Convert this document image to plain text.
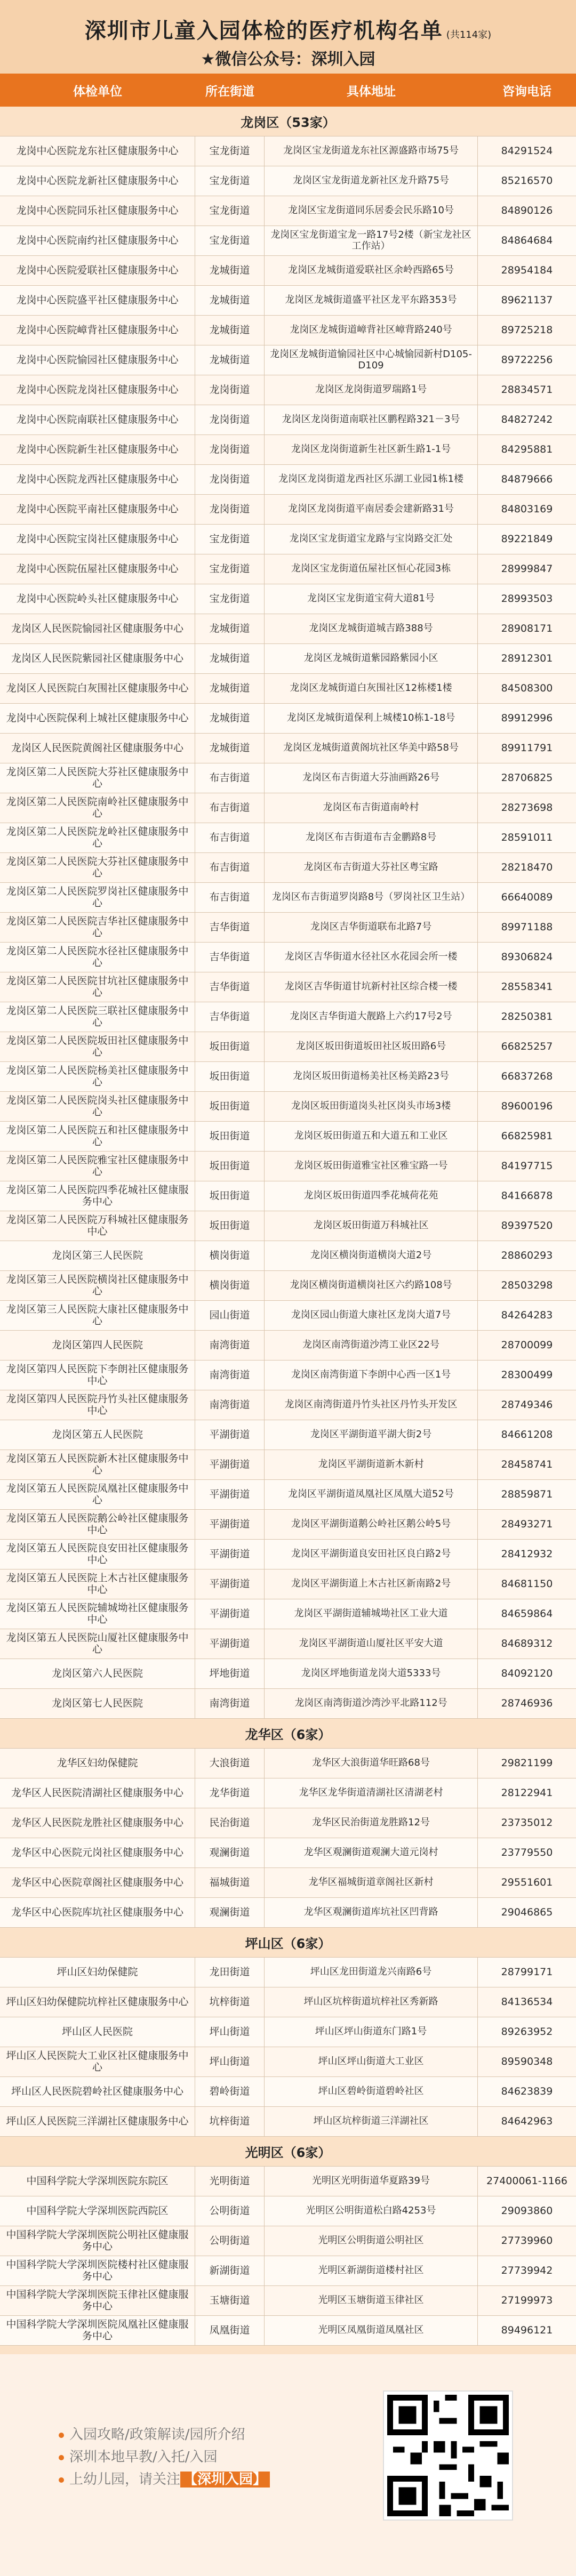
深圳市儿童入园体检的医疗机构名单 (共114家)
★微信公众号：深圳入园
体检单位	所在街道	具体地址	咨询电话
龙岗区（53家）
龙岗中心医院龙东社区健康服务中心	宝龙街道	龙岗区宝龙街道龙东社区源盛路市场75号	84291524
龙岗中心医院龙新社区健康服务中心	宝龙街道	龙岗区宝龙街道龙新社区龙升路75号	85216570
龙岗中心医院同乐社区健康服务中心	宝龙街道	龙岗区宝龙街道同乐居委会民乐路10号	84890126
龙岗中心医院南约社区健康服务中心	宝龙街道	龙岗区宝龙街道宝龙一路17号2楼（新宝龙社区工作站）	84864684
龙岗中心医院爱联社区健康服务中心	龙城街道	龙岗区龙城街道爱联社区余岭西路65号	28954184
龙岗中心医院盛平社区健康服务中心	龙城街道	龙岗区龙城街道盛平社区龙平东路353号	89621137
龙岗中心医院嶂背社区健康服务中心	龙城街道	龙岗区龙城街道嶂背社区嶂背路240号	89725218
龙岗中心医院愉园社区健康服务中心	龙城街道	龙岗区龙城街道愉园社区中心城愉园新村D105-D109	89722256
龙岗中心医院龙岗社区健康服务中心	龙岗街道	龙岗区龙岗街道罗瑞路1号	28834571
龙岗中心医院南联社区健康服务中心	龙岗街道	龙岗区龙岗街道南联社区鹏程路321－3号	84827242
龙岗中心医院新生社区健康服务中心	龙岗街道	龙岗区龙岗街道新生社区新生路1-1号	84295881
龙岗中心医院龙西社区健康服务中心	龙岗街道	龙岗区龙岗街道龙西社区乐湖工业园1栋1楼	84879666
龙岗中心医院平南社区健康服务中心	龙岗街道	龙岗区龙岗街道平南居委会建新路31号	84803169
龙岗中心医院宝岗社区健康服务中心	宝龙街道	龙岗区宝龙街道宝龙路与宝岗路交汇处	89221849
龙岗中心医院伍屋社区健康服务中心	宝龙街道	龙岗区宝龙街道伍屋社区恒心花园3栋	28999847
龙岗中心医院岭头社区健康服务中心	宝龙街道	龙岗区宝龙街道宝荷大道81号	28993503
龙岗区人民医院愉园社区健康服务中心	龙城街道	龙岗区龙城街道城吉路388号	28908171
龙岗区人民医院紫园社区健康服务中心	龙城街道	龙岗区龙城街道紫园路紫园小区	28912301
龙岗区人民医院白灰围社区健康服务中心	龙城街道	龙岗区龙城街道白灰围社区12栋楼1楼	84508300
龙岗中心医院保利上城社区健康服务中心	龙城街道	龙岗区龙城街道保利上城楼10栋1-18号	89912996
龙岗区人民医院黄阁社区健康服务中心	龙城街道	龙岗区龙城街道黄阁坑社区华美中路58号	89911791
龙岗区第二人民医院大芬社区健康服务中心	布吉街道	龙岗区布吉街道大芬油画路26号	28706825
龙岗区第二人民医院南岭社区健康服务中心	布吉街道	龙岗区布吉街道南岭村	28273698
龙岗区第二人民医院龙岭社区健康服务中心	布吉街道	龙岗区布吉街道布吉金鹏路8号	28591011
龙岗区第二人民医院大芬社区健康服务中心	布吉街道	龙岗区布吉街道大芬社区粤宝路	28218470
龙岗区第二人民医院罗岗社区健康服务中心	布吉街道	龙岗区布吉街道罗岗路8号（罗岗社区卫生站）	66640089
龙岗区第二人民医院吉华社区健康服务中心	吉华街道	龙岗区吉华街道联布北路7号	89971188
龙岗区第二人民医院水径社区健康服务中心	吉华街道	龙岗区吉华街道水径社区水花园会所一楼	89306824
龙岗区第二人民医院甘坑社区健康服务中心	吉华街道	龙岗区吉华街道甘坑新村社区综合楼一楼	28558341
龙岗区第二人民医院三联社区健康服务中心	吉华街道	龙岗区吉华街道大靓路上六约17号2号	28250381
龙岗区第二人民医院坂田社区健康服务中心	坂田街道	龙岗区坂田街道坂田社区坂田路6号	66825257
龙岗区第二人民医院杨美社区健康服务中心	坂田街道	龙岗区坂田街道杨美社区杨美路23号	66837268
龙岗区第二人民医院岗头社区健康服务中心	坂田街道	龙岗区坂田街道岗头社区岗头市场3楼	89600196
龙岗区第二人民医院五和社区健康服务中心	坂田街道	龙岗区坂田街道五和大道五和工业区	66825981
龙岗区第二人民医院雅宝社区健康服务中心	坂田街道	龙岗区坂田街道雅宝社区雅宝路一号	84197715
龙岗区第二人民医院四季花城社区健康服务中心	坂田街道	龙岗区坂田街道四季花城荷花苑	84166878
龙岗区第二人民医院万科城社区健康服务中心	坂田街道	龙岗区坂田街道万科城社区	89397520
龙岗区第三人民医院	横岗街道	龙岗区横岗街道横岗大道2号	28860293
龙岗区第三人民医院横岗社区健康服务中心	横岗街道	龙岗区横岗街道横岗社区六约路108号	28503298
龙岗区第三人民医院大康社区健康服务中心	园山街道	龙岗区园山街道大康社区龙岗大道7号	84264283
龙岗区第四人民医院	南湾街道	龙岗区南湾街道沙湾工业区22号	28700099
龙岗区第四人民医院下李朗社区健康服务中心	南湾街道	龙岗区南湾街道下李朗中心西一区1号	28300499
龙岗区第四人民医院丹竹头社区健康服务中心	南湾街道	龙岗区南湾街道丹竹头社区丹竹头开发区	28749346
龙岗区第五人民医院	平湖街道	龙岗区平湖街道平湖大街2号	84661208
龙岗区第五人民医院新木社区健康服务中心	平湖街道	龙岗区平湖街道新木新村	28458741
龙岗区第五人民医院凤凰社区健康服务中心	平湖街道	龙岗区平湖街道凤凰社区凤凰大道52号	28859871
龙岗区第五人民医院鹅公岭社区健康服务中心	平湖街道	龙岗区平湖街道鹅公岭社区鹅公岭5号	28493271
龙岗区第五人民医院良安田社区健康服务中心	平湖街道	龙岗区平湖街道良安田社区良白路2号	28412932
龙岗区第五人民医院上木古社区健康服务中心	平湖街道	龙岗区平湖街道上木古社区新南路2号	84681150
龙岗区第五人民医院辅城坳社区健康服务中心	平湖街道	龙岗区平湖街道辅城坳社区工业大道	84659864
龙岗区第五人民医院山厦社区健康服务中心	平湖街道	龙岗区平湖街道山厦社区平安大道	84689312
龙岗区第六人民医院	坪地街道	龙岗区坪地街道龙岗大道5333号	84092120
龙岗区第七人民医院	南湾街道	龙岗区南湾街道沙湾沙平北路112号	28746936
龙华区（6家）
龙华区妇幼保健院	大浪街道	龙华区大浪街道华旺路68号	29821199
龙华区人民医院清湖社区健康服务中心	龙华街道	龙华区龙华街道清湖社区清湖老村	28122941
龙华区人民医院龙胜社区健康服务中心	民治街道	龙华区民治街道龙胜路12号	23735012
龙华区中心医院元岗社区健康服务中心	观澜街道	龙华区观澜街道观澜大道元岗村	23779550
龙华区中心医院章阁社区健康服务中心	福城街道	龙华区福城街道章阁社区新村	29551601
龙华区中心医院库坑社区健康服务中心	观澜街道	龙华区观澜街道库坑社区凹背路	29046865
坪山区（6家）
坪山区妇幼保健院	龙田街道	坪山区龙田街道龙兴南路6号	28799171
坪山区妇幼保健院坑梓社区健康服务中心	坑梓街道	坪山区坑梓街道坑梓社区秀新路	84136534
坪山区人民医院	坪山街道	坪山区坪山街道东门路1号	89263952
坪山区人民医院大工业区社区健康服务中心	坪山街道	坪山区坪山街道大工业区	89590348
坪山区人民医院碧岭社区健康服务中心	碧岭街道	坪山区碧岭街道碧岭社区	84623839
坪山区人民医院三洋湖社区健康服务中心	坑梓街道	坪山区坑梓街道三洋湖社区	84642963
光明区（6家）
中国科学院大学深圳医院东院区	光明街道	光明区光明街道华夏路39号	27400061-1166
中国科学院大学深圳医院西院区	公明街道	光明区公明街道松白路4253号	29093860
中国科学院大学深圳医院公明社区健康服务中心	公明街道	光明区公明街道公明社区	27739960
中国科学院大学深圳医院楼村社区健康服务中心	新湖街道	光明区新湖街道楼村社区	27739942
中国科学院大学深圳医院玉律社区健康服务中心	玉塘街道	光明区玉塘街道玉律社区	27199973
中国科学院大学深圳医院凤凰社区健康服务中心	凤凰街道	光明区凤凰街道凤凰社区	89496121
入园攻略/政策解读/园所介绍
深圳本地早教/入托/入园
上幼儿园，请关注 【深圳入园】
